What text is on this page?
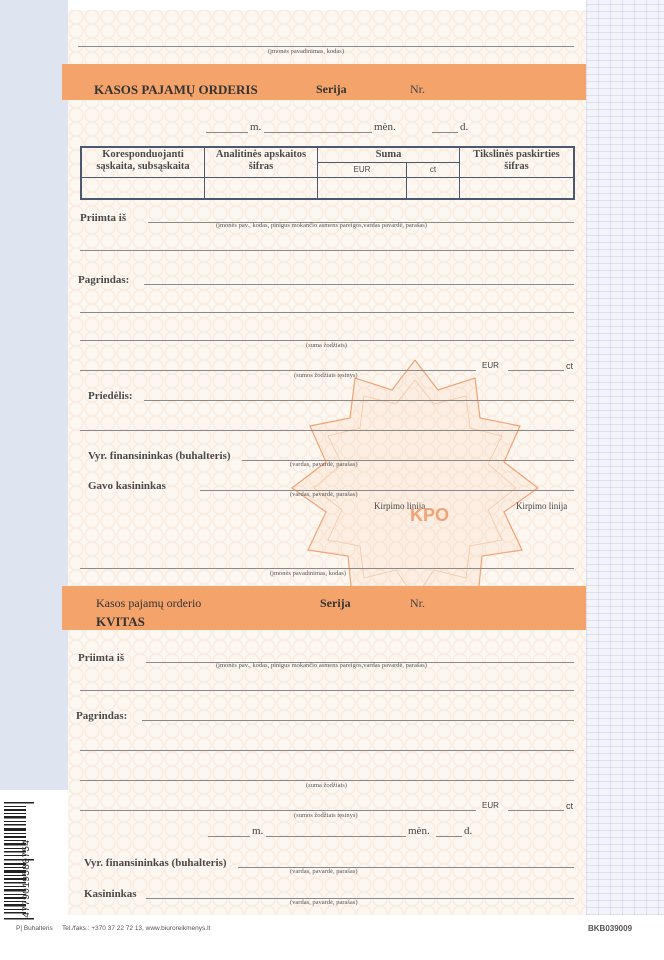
(įmonės pavadinimas, kodas)
KASOS PAJAMŲ ORDERIS	Serija	Nr.
m.	mėn.	d.
Koresponduojanti sąskaita, subsąskaita	Analitinės apskaitos šifras	Suma		Tikslinės paskirties šifras
		EUR	ct	

Priimta iš
(įmonės pav., kodas, pinigus mokančio asmens pareigos,vardas pavardė, parašas)
Pagrindas:
(suma žodžiais)
(sumos žodžiais tęsinys)
EUR	ct
Priedėlis:
Vyr. finansininkas (buhalteris)
(vardas, pavardė, parašas)
Gavo kasininkas
(vardas, pavardė, parašas)
Kirpimo linija	Kirpimo linija
KPO
(įmonės pavadinimas, kodas)
Kasos pajamų orderio
KVITAS
Serija	Nr.
Priimta iš
(įmonės pav., kodas, pinigus mokančio asmens pareigos,vardas pavardė, parašas)
Pagrindas:
(suma žodžiais)
(sumos žodžiais tęsinys)
EUR	ct
m.	mėn.	d.
Vyr. finansininkas (buhalteris)
(vardas, pavardė, parašas)
Kasininkas
(vardas, pavardė, parašas)
4779019580754
P| Buhalteris Tel./faks.: +370 37 22 72 13, www.biuroreikmenys.lt	BKB039009
